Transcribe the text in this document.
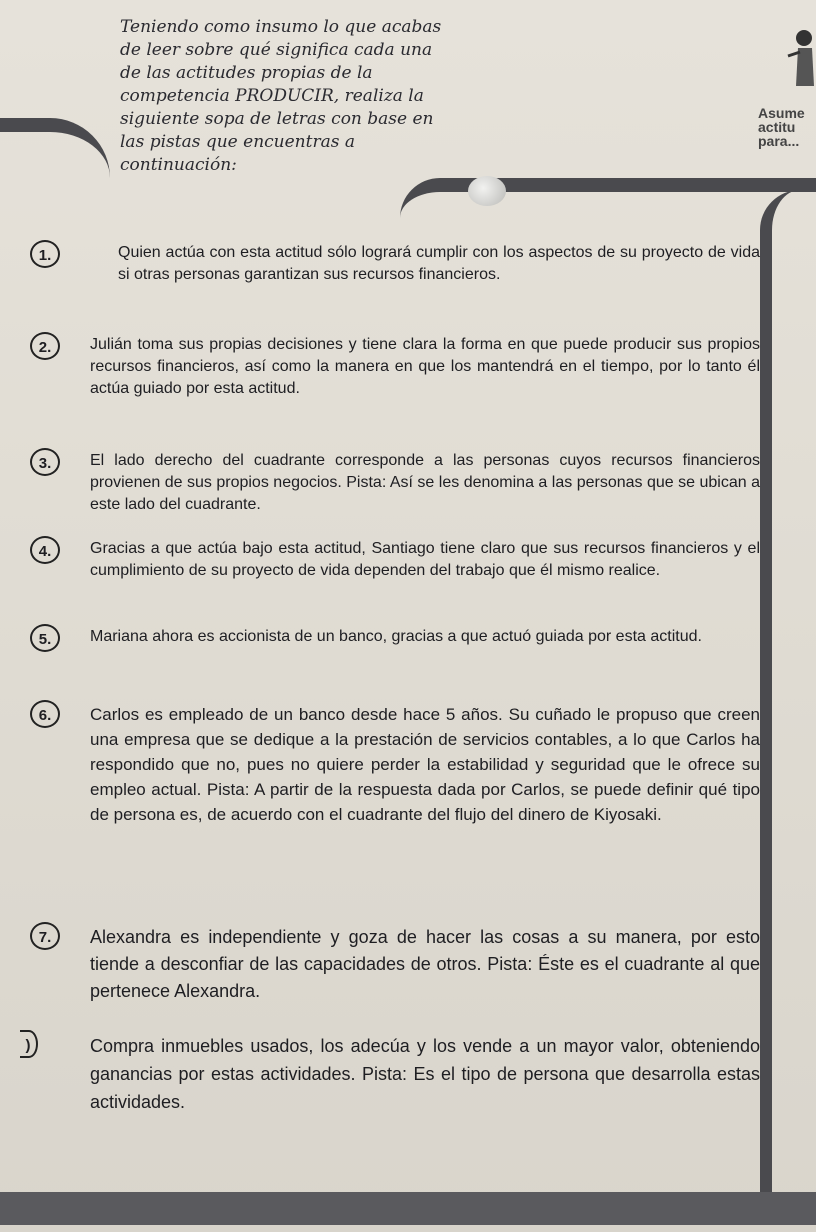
Asume
actitu
para...
Teniendo como insumo lo que acabas de leer sobre qué significa cada una de las actitudes propias de la competencia PRODUCIR, realiza la siguiente sopa de letras con base en las pistas que encuentras a continuación:
1.	Quien actúa con esta actitud sólo logrará cumplir con los aspectos de su proyecto de vida si otras personas garantizan sus recursos financieros.
2.	Julián toma sus propias decisiones y tiene clara la forma en que puede producir sus propios recursos financieros, así como la manera en que los mantendrá en el tiempo, por lo tanto él actúa guiado por esta actitud.
3.	El lado derecho del cuadrante corresponde a las personas cuyos recursos financieros provienen de sus propios negocios. Pista: Así se les denomina a las personas que se ubican a este lado del cuadrante.
4.	Gracias a que actúa bajo esta actitud, Santiago tiene claro que sus recursos financieros y el cumplimiento de su proyecto de vida dependen del trabajo que él mismo realice.
5.	Mariana ahora es accionista de un banco, gracias a que actuó guiada por esta actitud.
6.	Carlos es empleado de un banco desde hace 5 años. Su cuñado le propuso que creen una empresa que se dedique a la prestación de servicios contables, a lo que Carlos ha respondido que no, pues no quiere perder la estabilidad y seguridad que le ofrece su empleo actual. Pista: A partir de la respuesta dada por Carlos, se puede definir qué tipo de persona es, de acuerdo con el cuadrante del flujo del dinero de Kiyosaki.
7.	Alexandra es independiente y goza de hacer las cosas a su manera, por esto tiende a desconfiar de las capacidades de otros. Pista: Éste es el cuadrante al que pertenece Alexandra.
)	Compra inmuebles usados, los adecúa y los vende a un mayor valor, obteniendo ganancias por estas actividades. Pista: Es el tipo de persona que desarrolla estas actividades.
